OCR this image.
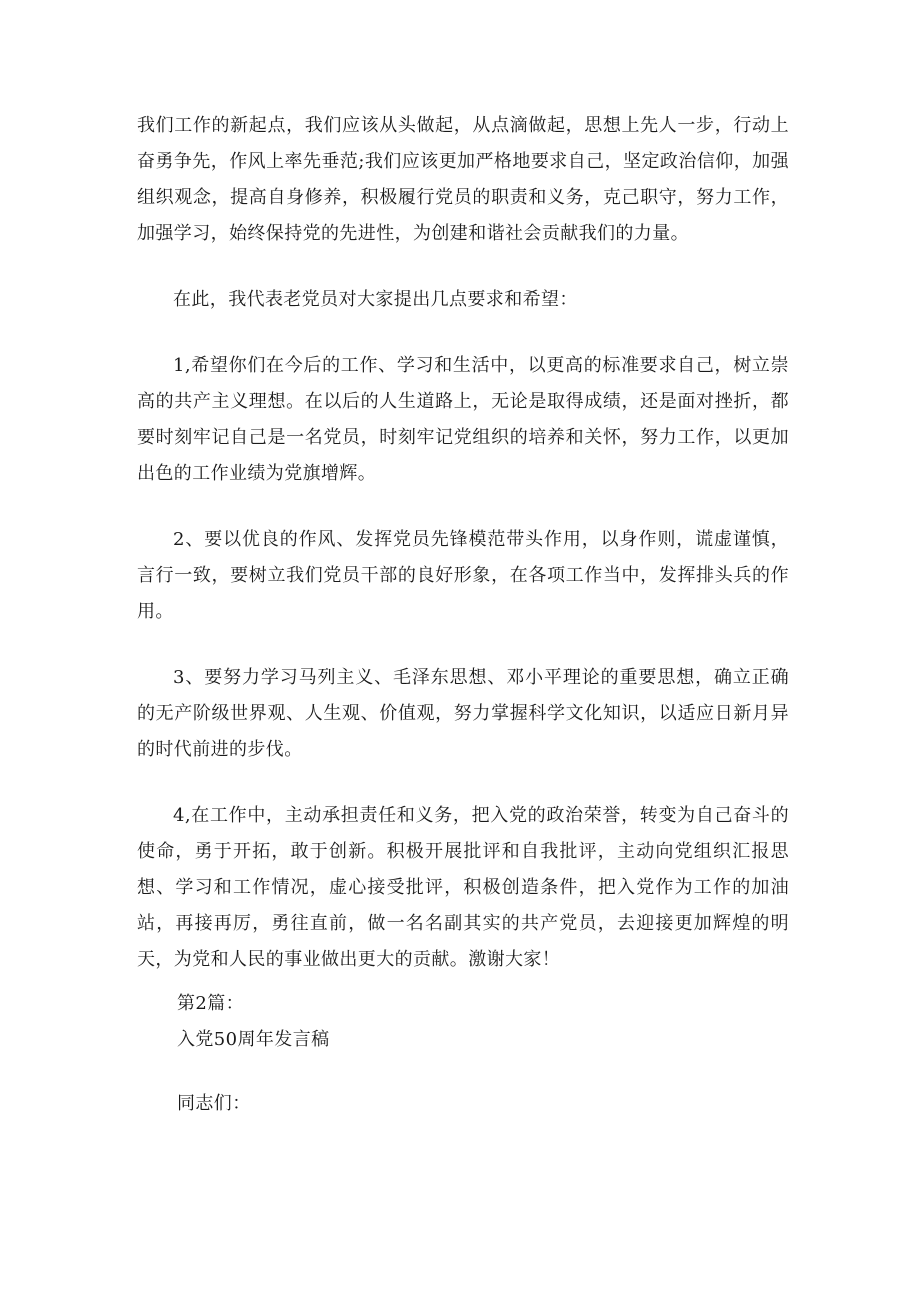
我们工作的新起点，我们应该从头做起，从点滴做起，思想上先人一步，行动上奋勇争先，作风上率先垂范;我们应该更加严格地要求自己，坚定政治信仰，加强组织观念，提高自身修养，积极履行党员的职责和义务，克己职守，努力工作，加强学习，始终保持党的先进性，为创建和谐社会贡献我们的力量。

在此，我代表老党员对大家提出几点要求和希望：

1,希望你们在今后的工作、学习和生活中，以更高的标准要求自己，树立崇高的共产主义理想。在以后的人生道路上，无论是取得成绩，还是面对挫折，都要时刻牢记自己是一名党员，时刻牢记党组织的培养和关怀，努力工作，以更加出色的工作业绩为党旗增辉。

2、要以优良的作风、发挥党员先锋模范带头作用，以身作则，谎虚谨慎，言行一致，要树立我们党员干部的良好形象，在各项工作当中，发挥排头兵的作用。

3、要努力学习马列主义、毛泽东思想、邓小平理论的重要思想，确立正确的无产阶级世界观、人生观、价值观，努力掌握科学文化知识，以适应日新月异的时代前进的步伐。

4,在工作中，主动承担责任和义务，把入党的政治荣誉，转变为自己奋斗的使命，勇于开拓，敢于创新。积极开展批评和自我批评，主动向党组织汇报思想、学习和工作情况，虚心接受批评，积极创造条件，把入党作为工作的加油站，再接再厉，勇往直前，做一名名副其实的共产党员，去迎接更加辉煌的明天，为党和人民的事业做出更大的贡献。激谢大家！

第2篇：

入党50周年发言稿

同志们：
